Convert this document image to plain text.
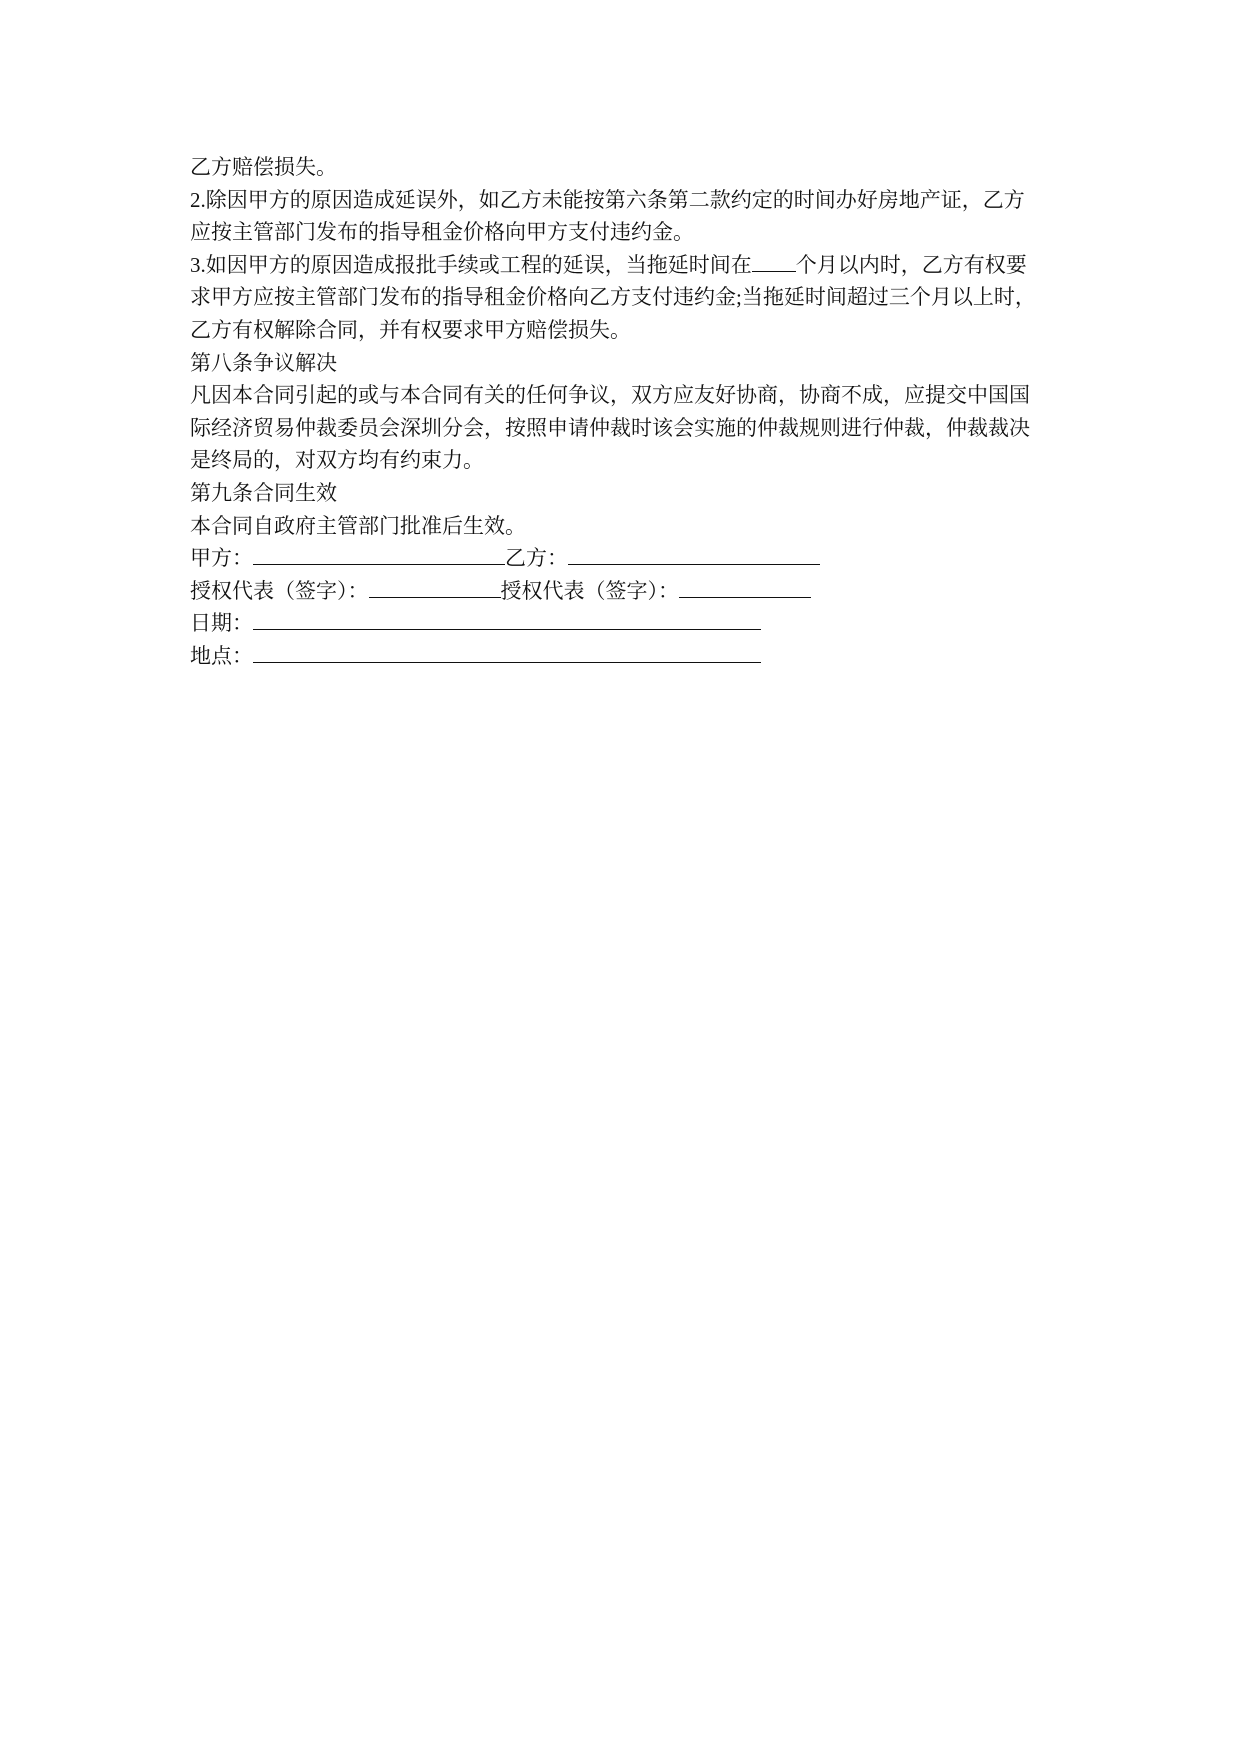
乙方赔偿损失。

2.除因甲方的原因造成延误外，如乙方未能按第六条第二款约定的时间办好房地产证，乙方

应按主管部门发布的指导租金价格向甲方支付违约金。

3.如因甲方的原因造成报批手续或工程的延误，当拖延时间在 个月以内时，乙方有权要

求甲方应按主管部门发布的指导租金价格向乙方支付违约金;当拖延时间超过三个月以上时，

乙方有权解除合同，并有权要求甲方赔偿损失。

第八条争议解决

凡因本合同引起的或与本合同有关的任何争议，双方应友好协商，协商不成，应提交中国国

际经济贸易仲裁委员会深圳分会，按照申请仲裁时该会实施的仲裁规则进行仲裁，仲裁裁决

是终局的，对双方均有约束力。

第九条合同生效

本合同自政府主管部门批准后生效。

甲方：	乙方：

授权代表（签字）：	授权代表（签字）：

日期：

地点：
